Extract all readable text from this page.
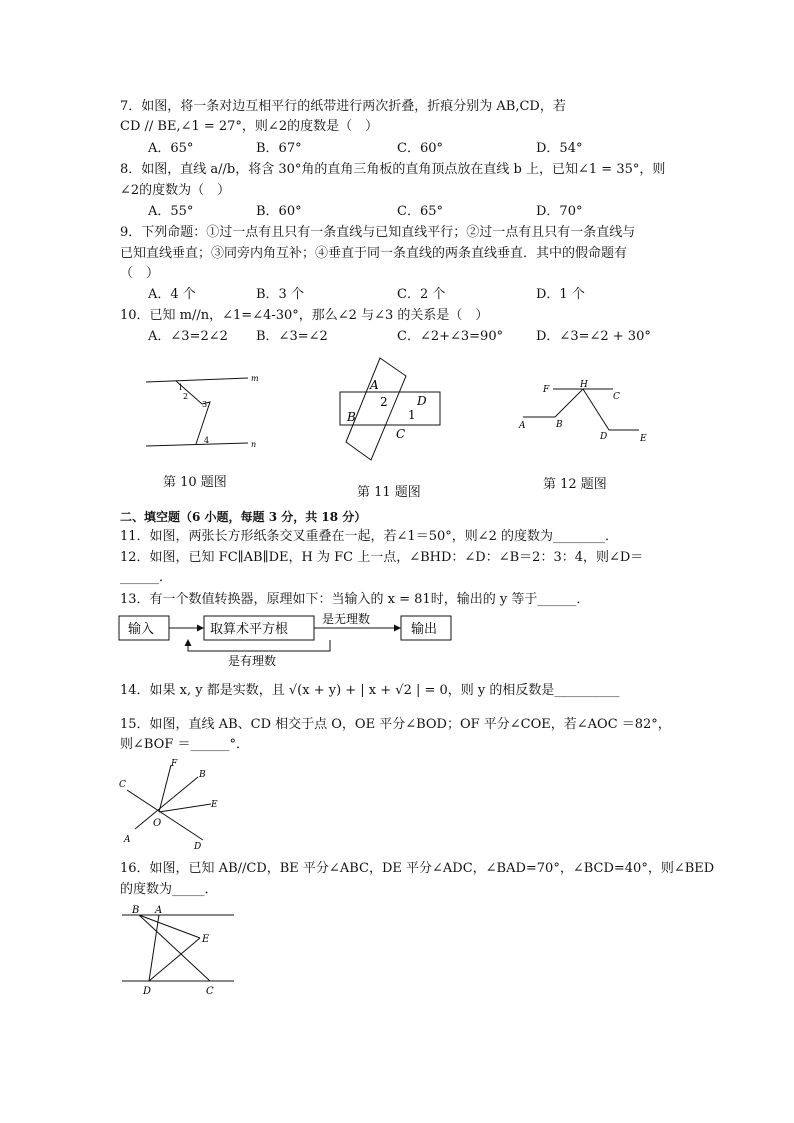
7．如图，将一条对边互相平行的纸带进行两次折叠，折痕分别为 AB,CD，若
CD // BE,∠1 = 27°，则∠2的度数是（　）
A．65°	B．67°	C．60°	D．54°
8．如图，直线 a//b，将含 30°角的直角三角板的直角顶点放在直线 b 上，已知∠1 = 35°，则
∠2的度数为（　）
A．55°	B．60°	C．65°	D．70°
9．下列命题：①过一点有且只有一条直线与已知直线平行；②过一点有且只有一条直线与
已知直线垂直；③同旁内角互补；④垂直于同一条直线的两条直线垂直．其中的假命题有
（　）
A．4 个	B．3 个	C．2 个	D．1 个
10．已知 m//n，∠1=∠4-30°，那么∠2 与∠3 的关系是（　）
A．∠3=2∠2 B．∠3=∠2	C．∠2+∠3=90°	D．∠3=∠2 + 30°
m
n
1
2
3
4
第 10 题图
A
B
C
D
1
2
第 11 题图
A	B
C
D	E
F	H
第 12 题图
二、填空题（6 小题，每题 3 分，共 18 分）
11．如图，两张长方形纸条交叉重叠在一起，若∠1＝50°，则∠2 的度数为________．
12．如图，已知 FC∥AB∥DE，H 为 FC 上一点，∠BHD：∠D：∠B＝2：3：4，则∠D＝
______．
13．有一个数值转换器，原理如下：当输入的 x = 81时，输出的 y 等于______．
输入	取算术平方根
是无理数
输出
是有理数
14．如果 x, y 都是实数，且 √(x + y) + | x + √2 | = 0，则 y 的相反数是__________
15．如图，直线 AB、CD 相交于点 O，OE 平分∠BOD；OF 平分∠COE，若∠AOC ＝82°，
则∠BOF ＝______°．
A
B
C
D
E
F
O
16．如图，已知 AB//CD，BE 平分∠ABC，DE 平分∠ADC，∠BAD=70°，∠BCD=40°，则∠BED
的度数为_____．
B A
E
D	C
